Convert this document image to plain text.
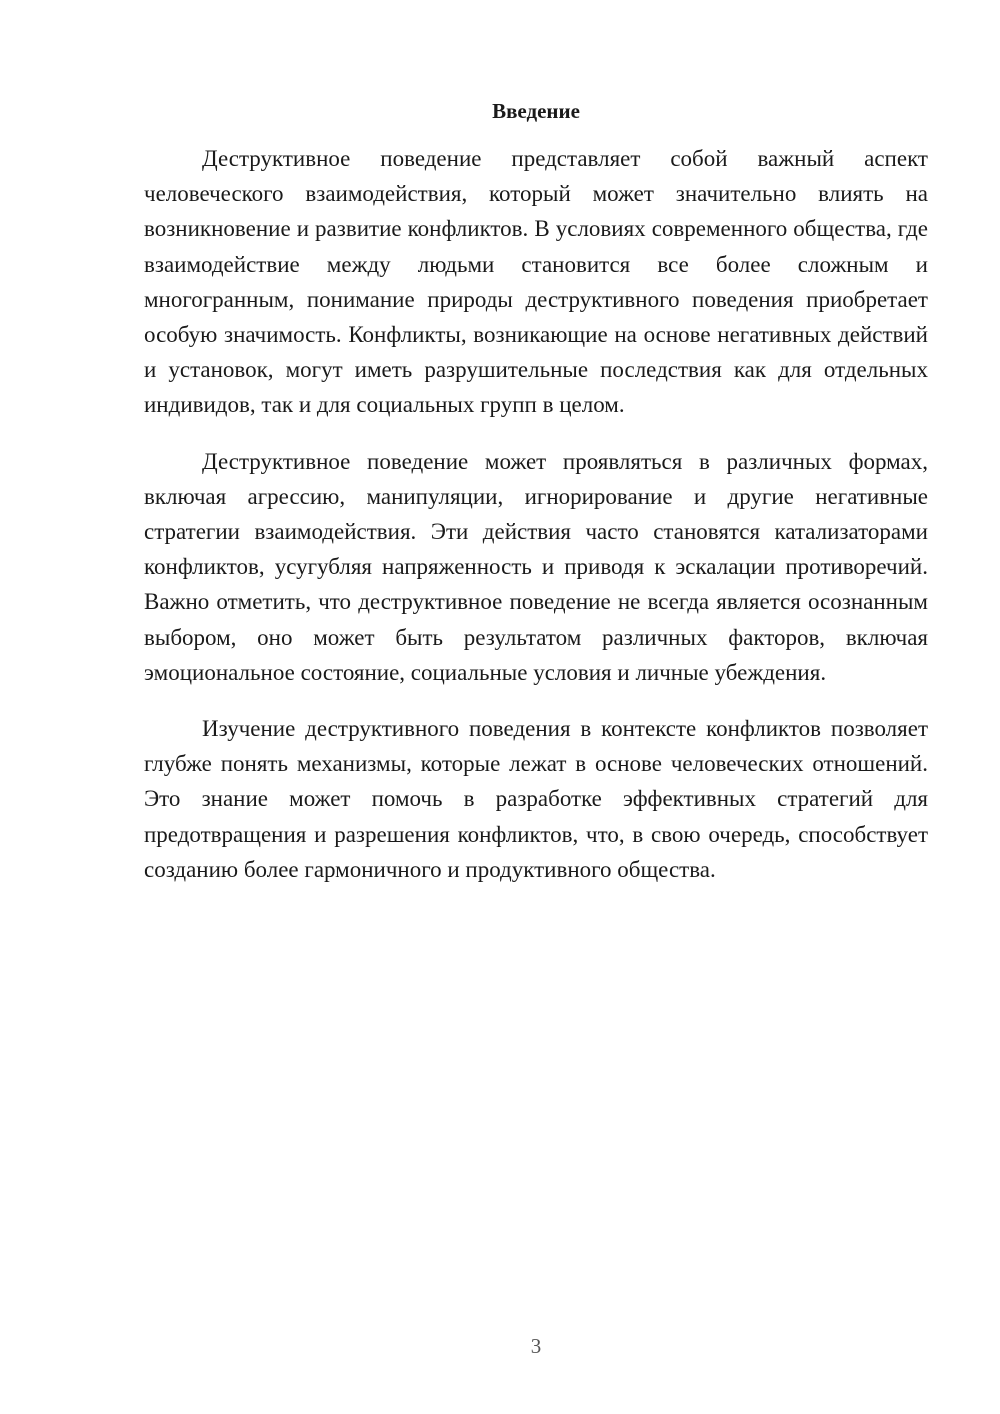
Введение

Деструктивное поведение представляет собой важный аспект человеческого взаимодействия, который может значительно влиять на возникновение и развитие конфликтов. В условиях современного общества, где взаимодействие между людьми становится все более сложным и многогранным, понимание природы деструктивного поведения приобретает особую значимость. Конфликты, возникающие на основе негативных действий и установок, могут иметь разрушительные последствия как для отдельных индивидов, так и для социальных групп в целом.

Деструктивное поведение может проявляться в различных формах, включая агрессию, манипуляции, игнорирование и другие негативные стратегии взаимодействия. Эти действия часто становятся катализаторами конфликтов, усугубляя напряженность и приводя к эскалации противоречий. Важно отметить, что деструктивное поведение не всегда является осознанным выбором, оно может быть результатом различных факторов, включая эмоциональное состояние, социальные условия и личные убеждения.

Изучение деструктивного поведения в контексте конфликтов позволяет глубже понять механизмы, которые лежат в основе человеческих отношений. Это знание может помочь в разработке эффективных стратегий для предотвращения и разрешения конфликтов, что, в свою очередь, способствует созданию более гармоничного и продуктивного общества.

3
